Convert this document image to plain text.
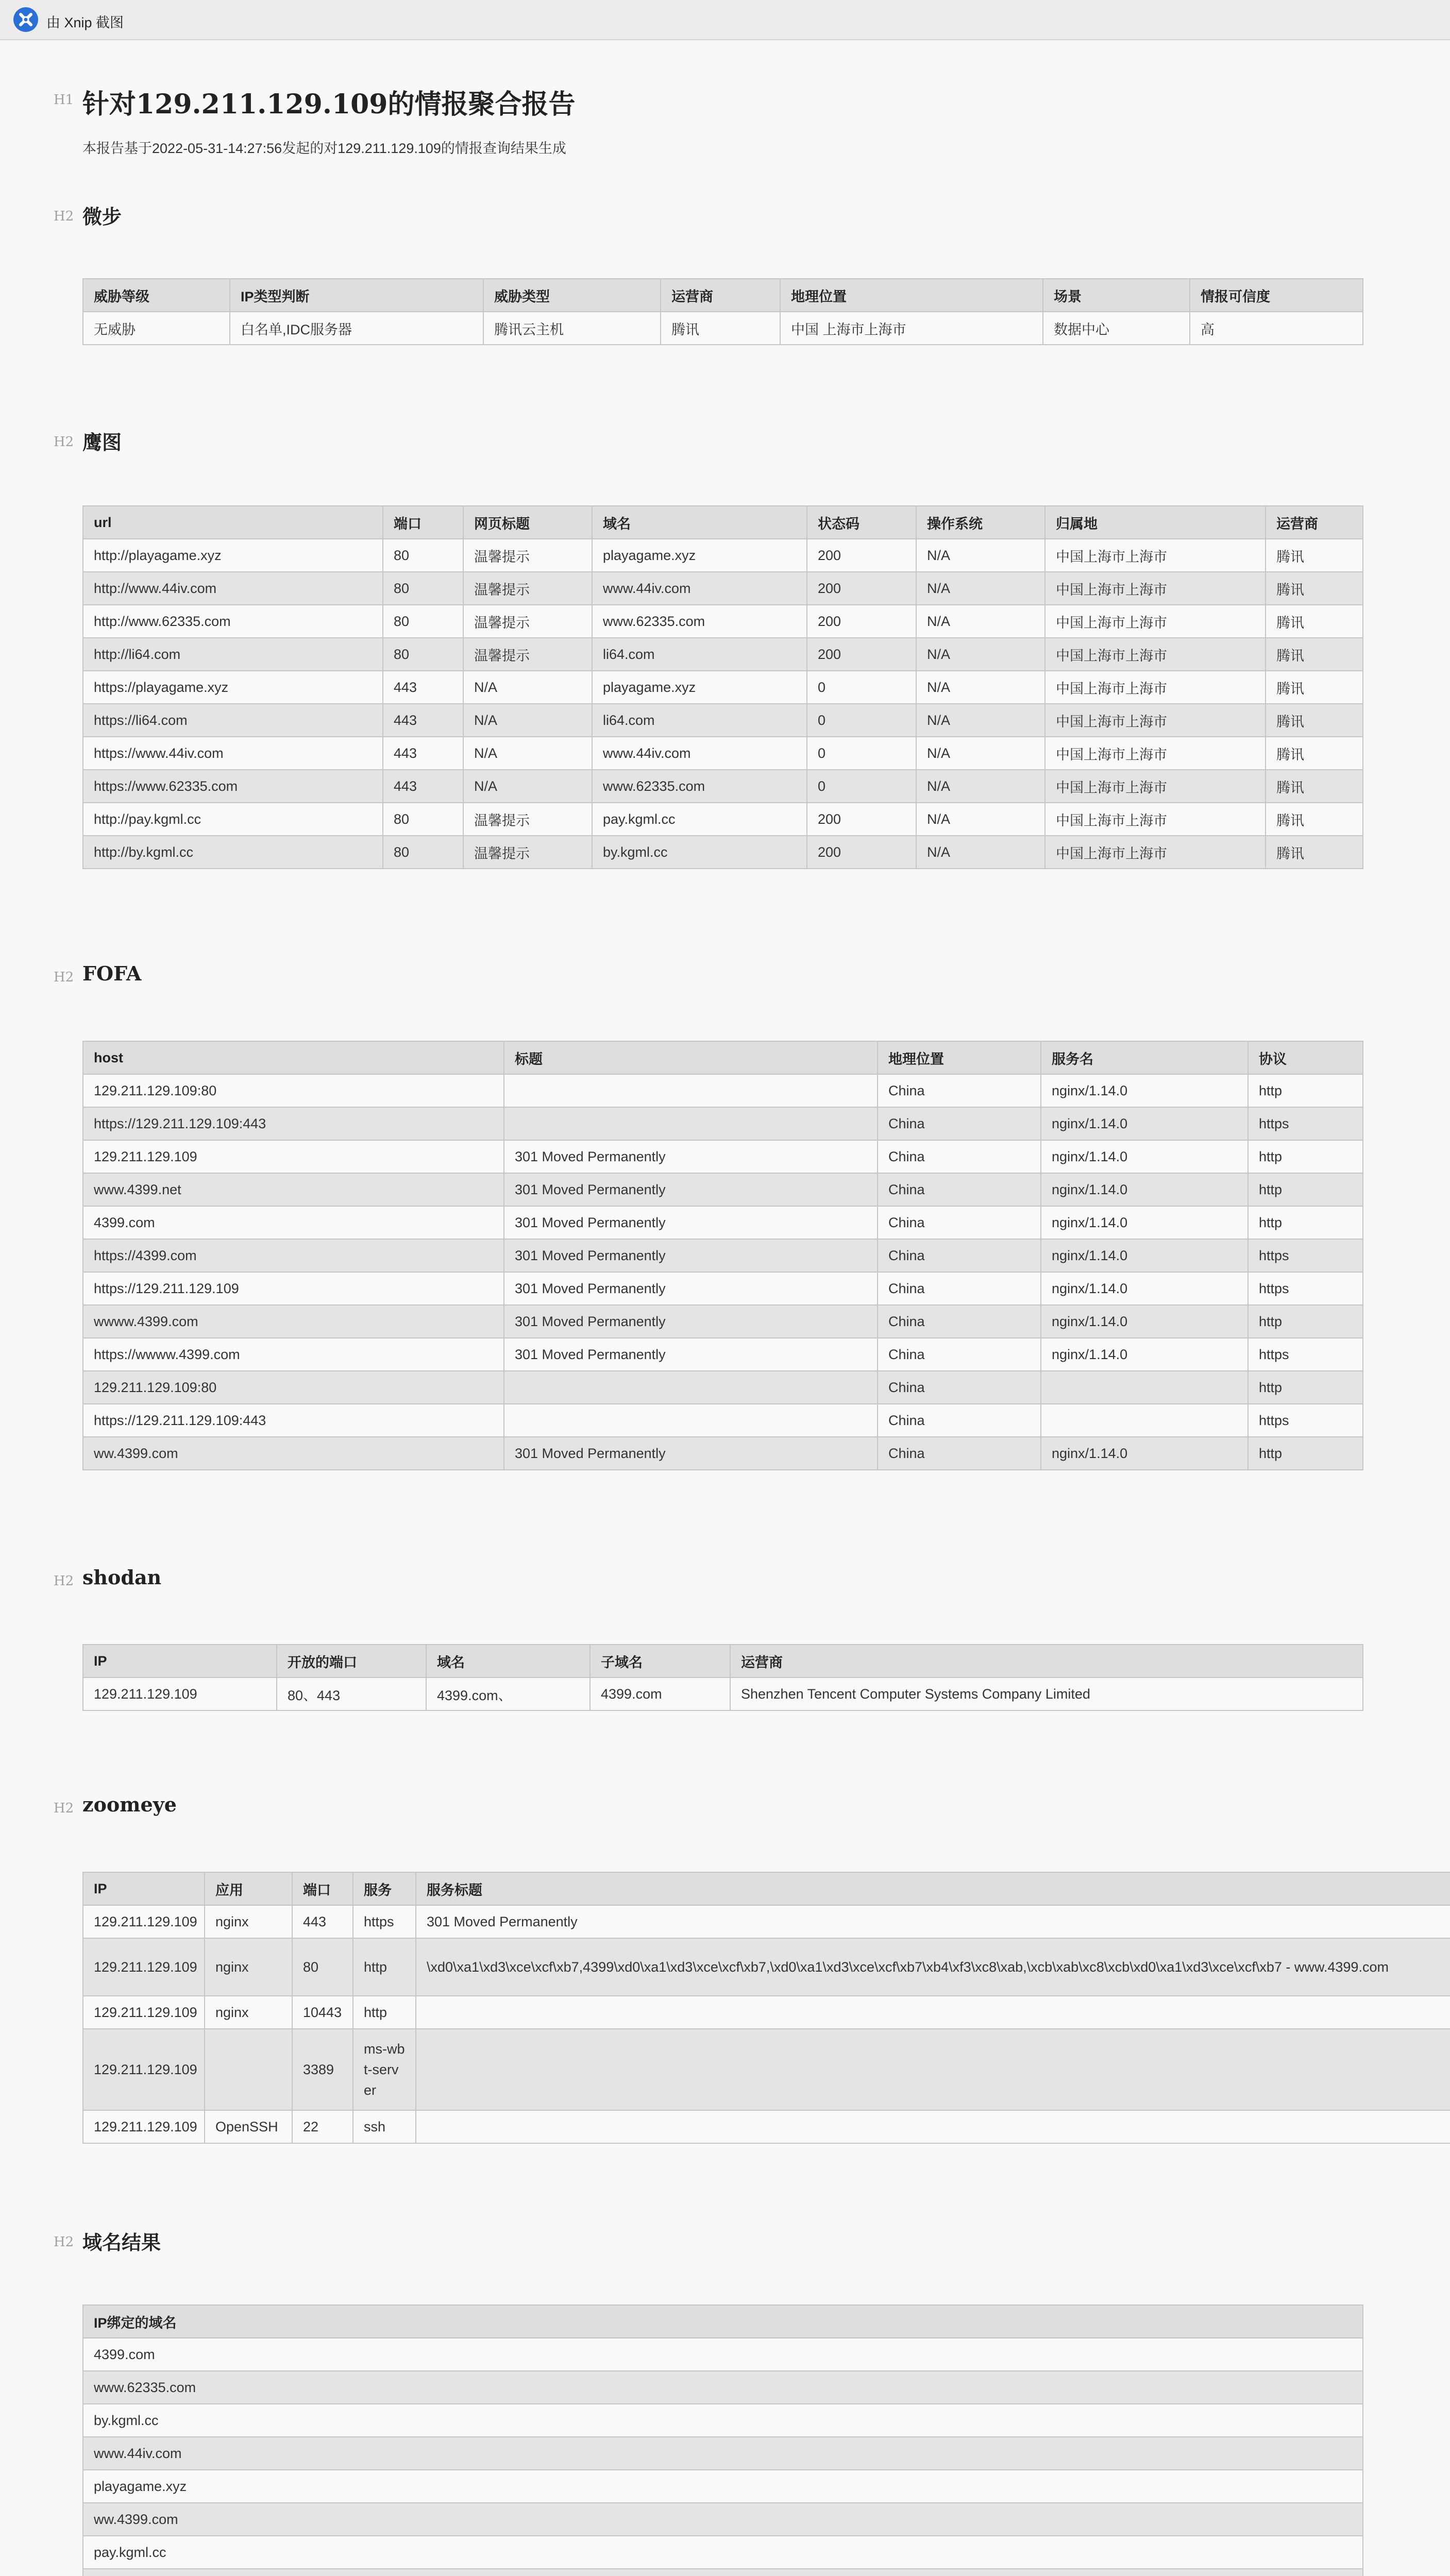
由 Xnip 截图
H1 针对129.211.129.109的情报聚合报告
本报告基于2022-05-31-14:27:56发起的对129.211.129.109的情报查询结果生成
H2 微步
威胁等级	IP类型判断	威胁类型	运营商	地理位置	场景	情报可信度
无威胁	白名单,IDC服务器	腾讯云主机	腾讯	中国 上海市上海市	数据中心	高
H2 鹰图
url	端口	网页标题	域名	状态码	操作系统	归属地	运营商
http://playagame.xyz	80	温馨提示	playagame.xyz	200	N/A	中国上海市上海市	腾讯
http://www.44iv.com	80	温馨提示	www.44iv.com	200	N/A	中国上海市上海市	腾讯
http://www.62335.com	80	温馨提示	www.62335.com	200	N/A	中国上海市上海市	腾讯
http://li64.com	80	温馨提示	li64.com	200	N/A	中国上海市上海市	腾讯
https://playagame.xyz	443	N/A	playagame.xyz	0	N/A	中国上海市上海市	腾讯
https://li64.com	443	N/A	li64.com	0	N/A	中国上海市上海市	腾讯
https://www.44iv.com	443	N/A	www.44iv.com	0	N/A	中国上海市上海市	腾讯
https://www.62335.com	443	N/A	www.62335.com	0	N/A	中国上海市上海市	腾讯
http://pay.kgml.cc	80	温馨提示	pay.kgml.cc	200	N/A	中国上海市上海市	腾讯
http://by.kgml.cc	80	温馨提示	by.kgml.cc	200	N/A	中国上海市上海市	腾讯
H2 FOFA
host	标题	地理位置	服务名	协议
129.211.129.109:80		China	nginx/1.14.0	http
https://129.211.129.109:443		China	nginx/1.14.0	https
129.211.129.109	301 Moved Permanently	China	nginx/1.14.0	http
www.4399.net	301 Moved Permanently	China	nginx/1.14.0	http
4399.com	301 Moved Permanently	China	nginx/1.14.0	http
https://4399.com	301 Moved Permanently	China	nginx/1.14.0	https
https://129.211.129.109	301 Moved Permanently	China	nginx/1.14.0	https
wwww.4399.com	301 Moved Permanently	China	nginx/1.14.0	http
https://wwww.4399.com	301 Moved Permanently	China	nginx/1.14.0	https
129.211.129.109:80		China		http
https://129.211.129.109:443		China		https
ww.4399.com	301 Moved Permanently	China	nginx/1.14.0	http
H2 shodan
IP	开放的端口	域名	子域名	运营商
129.211.129.109	80、443	4399.com、	4399.com	Shenzhen Tencent Computer Systems Company Limited
H2 zoomeye
IP	应用	端口	服务	服务标题
129.211.129.109	nginx	443	https	301 Moved Permanently
129.211.129.109	nginx	80	http	\xd0\xa1\xd3\xce\xcf\xb7,4399\xd0\xa1\xd3\xce\xcf\xb7,\xd0\xa1\xd3\xce\xcf\xb7\xb4\xf3\xc8\xab,\xcb\xab\xc8\xcb\xd0\xa1\xd3\xce\xcf\xb7 - www.4399.com
129.211.129.109	nginx	10443	http	
129.211.129.109		3389	ms-wbt-server	
129.211.129.109	OpenSSH	22	ssh	
H2 域名结果
IP绑定的域名
4399.com
www.62335.com
by.kgml.cc
www.44iv.com
playagame.xyz
ww.4399.com
pay.kgml.cc
